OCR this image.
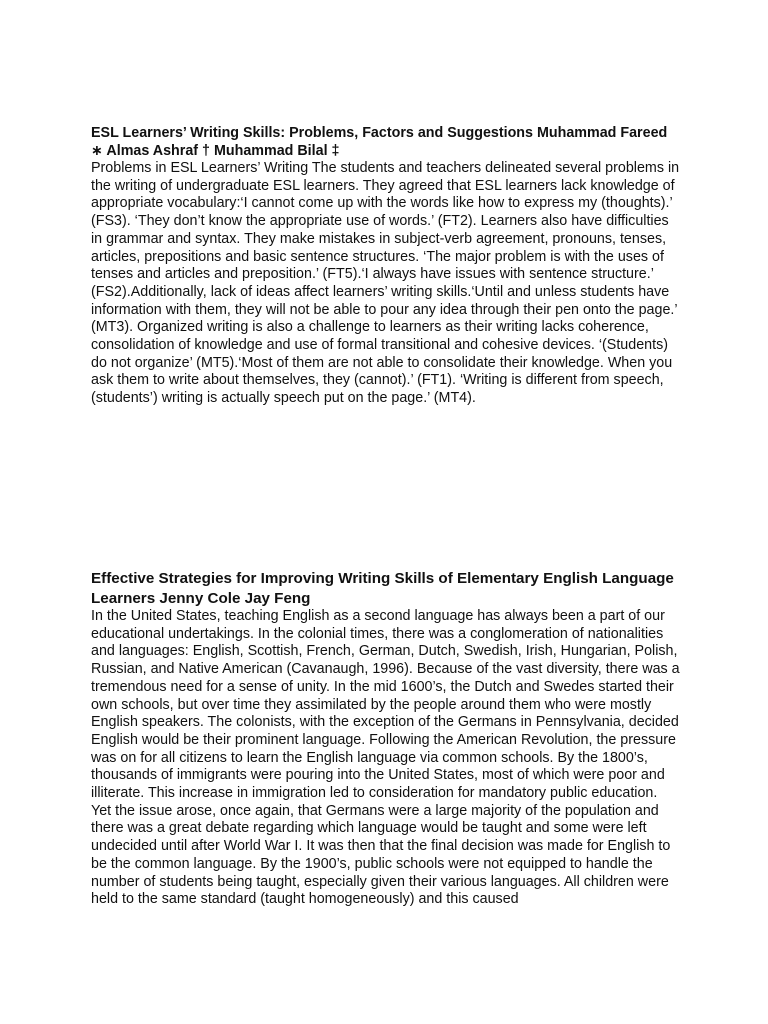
ESL Learners’ Writing Skills: Problems, Factors and Suggestions Muhammad Fareed ∗ Almas Ashraf † Muhammad Bilal ‡

Problems in ESL Learners’ Writing The students and teachers delineated several problems in the writing of undergraduate ESL learners. They agreed that ESL learners lack knowledge of appropriate vocabulary:‘I cannot come up with the words like how to express my (thoughts).’ (FS3). ‘They don’t know the appropriate use of words.’ (FT2). Learners also have difficulties in grammar and syntax. They make mistakes in subject-verb agreement, pronouns, tenses, articles, prepositions and basic sentence structures. ‘The major problem is with the uses of tenses and articles and preposition.’ (FT5).‘I always have issues with sentence structure.’ (FS2).Additionally, lack of ideas affect learners’ writing skills.‘Until and unless students have information with them, they will not be able to pour any idea through their pen onto the page.’ (MT3). Organized writing is also a challenge to learners as their writing lacks coherence, consolidation of knowledge and use of formal transitional and cohesive devices. ‘(Students) do not organize’ (MT5).‘Most of them are not able to consolidate their knowledge. When you ask them to write about themselves, they (cannot).’ (FT1). ‘Writing is different from speech, (students’) writing is actually speech put on the page.’ (MT4).

Effective Strategies for Improving Writing Skills of Elementary English Language Learners Jenny Cole Jay Feng

In the United States, teaching English as a second language has always been a part of our educational undertakings. In the colonial times, there was a conglomeration of nationalities and languages: English, Scottish, French, German, Dutch, Swedish, Irish, Hungarian, Polish, Russian, and Native American (Cavanaugh, 1996). Because of the vast diversity, there was a tremendous need for a sense of unity. In the mid 1600’s, the Dutch and Swedes started their own schools, but over time they assimilated by the people around them who were mostly English speakers. The colonists, with the exception of the Germans in Pennsylvania, decided English would be their prominent language. Following the American Revolution, the pressure was on for all citizens to learn the English language via common schools. By the 1800’s, thousands of immigrants were pouring into the United States, most of which were poor and illiterate. This increase in immigration led to consideration for mandatory public education. Yet the issue arose, once again, that Germans were a large majority of the population and there was a great debate regarding which language would be taught and some were left undecided until after World War I. It was then that the final decision was made for English to be the common language. By the 1900’s, public schools were not equipped to handle the number of students being taught, especially given their various languages. All children were held to the same standard (taught homogeneously) and this caused
